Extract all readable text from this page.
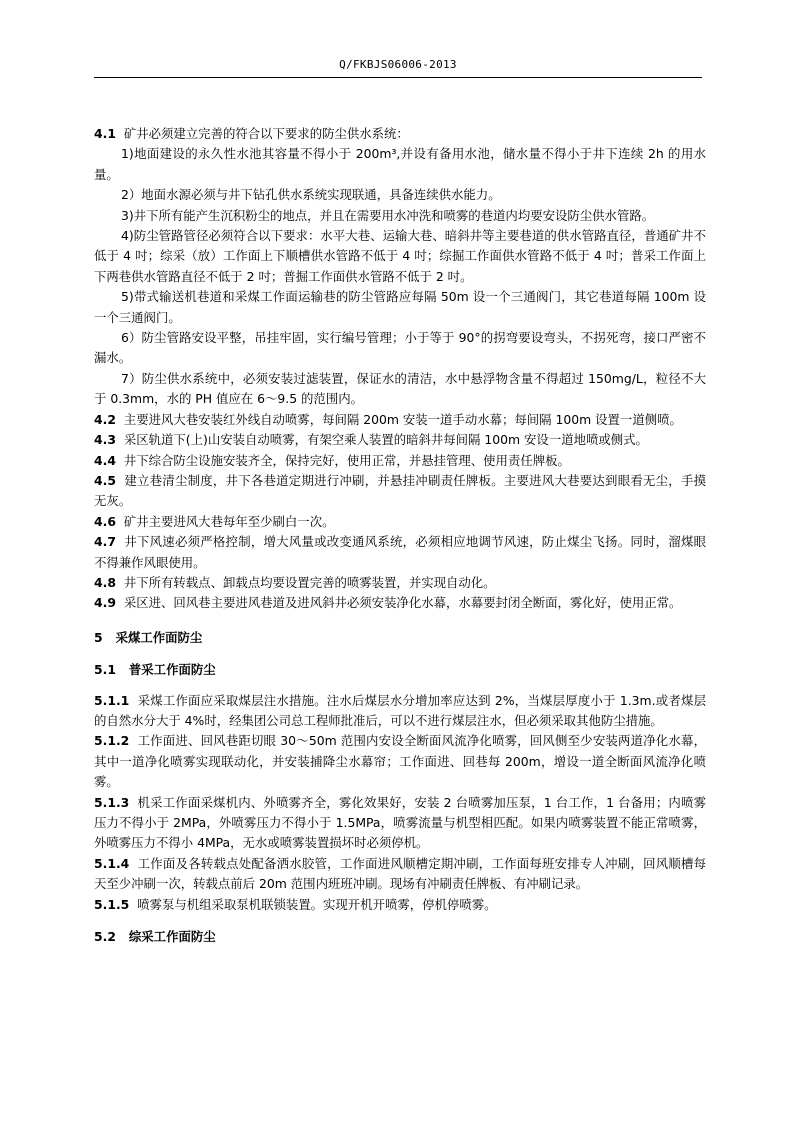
Q/FKBJS06006-2013

4.1 矿井必须建立完善的符合以下要求的防尘供水系统：

1)地面建设的永久性水池其容量不得小于 200m³,并设有备用水池，储水量不得小于井下连续 2h 的用水量。

2）地面水源必须与井下钻孔供水系统实现联通，具备连续供水能力。

3)井下所有能产生沉积粉尘的地点，并且在需要用水冲洗和喷雾的巷道内均要安设防尘供水管路。

4)防尘管路管径必须符合以下要求：水平大巷、运输大巷、暗斜井等主要巷道的供水管路直径，普通矿井不低于 4 吋；综采（放）工作面上下顺槽供水管路不低于 4 吋；综掘工作面供水管路不低于 4 吋；普采工作面上下两巷供水管路直径不低于 2 吋；普掘工作面供水管路不低于 2 吋。

5)带式输送机巷道和采煤工作面运输巷的防尘管路应每隔 50m 设一个三通阀门，其它巷道每隔 100m 设一个三通阀门。

6）防尘管路安设平整，吊挂牢固，实行编号管理；小于等于 90°的拐弯要设弯头，不拐死弯，接口严密不漏水。

7）防尘供水系统中，必须安装过滤装置，保证水的清洁，水中悬浮物含量不得超过 150mg/L，粒径不大于 0.3mm，水的 PH 值应在 6～9.5 的范围内。

4.2 主要进风大巷安装红外线自动喷雾，每间隔 200m 安装一道手动水幕；每间隔 100m 设置一道侧喷。

4.3 采区轨道下(上)山安装自动喷雾，有架空乘人装置的暗斜井每间隔 100m 安设一道地喷或侧式。

4.4 井下综合防尘设施安装齐全，保持完好，使用正常，并悬挂管理、使用责任牌板。

4.5 建立巷清尘制度，井下各巷道定期进行冲刷，并悬挂冲刷责任牌板。主要进风大巷要达到眼看无尘，手摸无灰。

4.6 矿井主要进风大巷每年至少刷白一次。

4.7 井下风速必须严格控制，增大风量或改变通风系统，必须相应地调节风速，防止煤尘飞扬。同时，溜煤眼不得兼作风眼使用。

4.8 井下所有转载点、卸载点均要设置完善的喷雾装置，并实现自动化。

4.9 采区进、回风巷主要进风巷道及进风斜井必须安装净化水幕，水幕要封闭全断面，雾化好，使用正常。

5 采煤工作面防尘

5.1 普采工作面防尘

5.1.1 采煤工作面应采取煤层注水措施。注水后煤层水分增加率应达到 2%，当煤层厚度小于 1.3m.或者煤层的自然水分大于 4%时，经集团公司总工程师批准后，可以不进行煤层注水，但必须采取其他防尘措施。

5.1.2 工作面进、回风巷距切眼 30～50m 范围内安设全断面风流净化喷雾，回风侧至少安装两道净化水幕，其中一道净化喷雾实现联动化，并安装捕降尘水幕帘；工作面进、回巷每 200m，增设一道全断面风流净化喷雾。

5.1.3 机采工作面采煤机内、外喷雾齐全，雾化效果好，安装 2 台喷雾加压泵，1 台工作，1 台备用；内喷雾压力不得小于 2MPa，外喷雾压力不得小于 1.5MPa，喷雾流量与机型相匹配。如果内喷雾装置不能正常喷雾，外喷雾压力不得小 4MPa，无水或喷雾装置损坏时必须停机。

5.1.4 工作面及各转载点处配备洒水胶管，工作面进风顺槽定期冲刷，工作面每班安排专人冲刷，回风顺槽每天至少冲刷一次，转载点前后 20m 范围内班班冲刷。现场有冲刷责任牌板、有冲刷记录。

5.1.5 喷雾泵与机组采取泵机联锁装置。实现开机开喷雾，停机停喷雾。

5.2 综采工作面防尘
